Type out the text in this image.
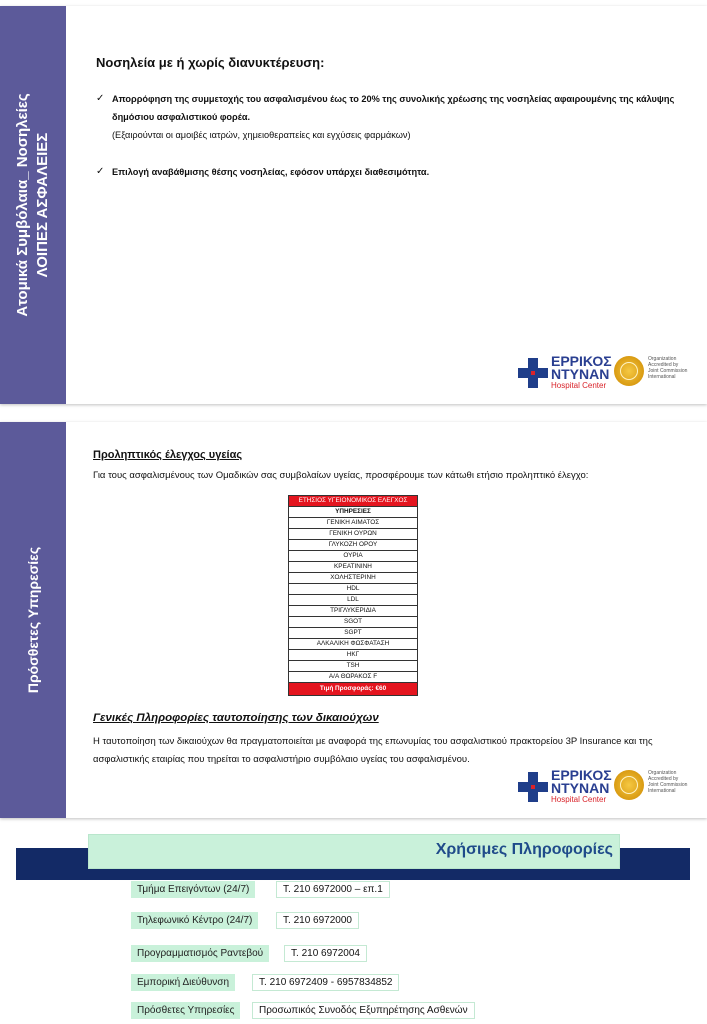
Ατομικά Συμβόλαια_ Νοσηλείες ΛΟΙΠΕΣ ΑΣΦΑΛΕΙΕΣ
Νοσηλεία με ή χωρίς διανυκτέρευση:
✓ Απορρόφηση της συμμετοχής του ασφαλισμένου έως το 20% της συνολικής χρέωσης της νοσηλείας αφαιρουμένης της κάλυψης
δημόσιου ασφαλιστικού φορέα.
(Εξαιρούνται οι αμοιβές ιατρών, χημειοθεραπείες και εγχύσεις φαρμάκων)
✓ Επιλογή αναβάθμισης θέσης νοσηλείας, εφόσον υπάρχει διαθεσιμότητα.
ΕΡΡΙΚΟΣ
ΝΤΥΝΑΝ
Hospital Center
Organization Accredited by Joint Commission International
Πρόσθετες Υπηρεσίες
Προληπτικός έλεγχος υγείας
Για τους ασφαλισμένους των Ομαδικών σας συμβολαίων υγείας, προσφέρουμε των κάτωθι ετήσιο προληπτικό έλεγχο:
ΕΤΗΣΙΟΣ ΥΓΕΙΟΝΟΜΙΚΟΣ ΕΛΕΓΧΟΣ
ΥΠΗΡΕΣΙΕΣ
ΓΕΝΙΚΗ ΑΙΜΑΤΟΣ
ΓΕΝΙΚΗ ΟΥΡΩΝ
ΓΛΥΚΟΖΗ ΟΡΟΥ
ΟΥΡΙΑ
ΚΡΕΑΤΙΝΙΝΗ
ΧΟΛΗΣΤΕΡΙΝΗ
HDL
LDL
ΤΡΙΓΛΥΚΕΡΙΔΙΑ
SGOT
SGPT
ΑΛΚΑΛΙΚΗ ΦΩΣΦΑΤΑΣΗ
ΗΚΓ
TSH
Α/Α ΘΩΡΑΚΟΣ F
Τιμή Προσφοράς: €60
Γενικές Πληροφορίες ταυτοποίησης των δικαιούχων
Η ταυτοποίηση των δικαιούχων θα πραγματοποιείται με αναφορά της επωνυμίας του ασφαλιστικού πρακτορείου 3P Insurance και της
ασφαλιστικής εταιρίας που τηρείται το ασφαλιστήριο συμβόλαιο υγείας του ασφαλισμένου.
ΕΡΡΙΚΟΣ
ΝΤΥΝΑΝ
Hospital Center
Organization Accredited by Joint Commission International
Χρήσιμες Πληροφορίες
Τμήμα Επειγόντων (24/7)	Τ. 210 6972000 – επ.1
Τηλεφωνικό Κέντρο (24/7)	Τ. 210 6972000
Προγραμματισμός Ραντεβού	Τ. 210 6972004
Εμπορική Διεύθυνση	Τ. 210 6972409 - 6957834852
Πρόσθετες Υπηρεσίες	Προσωπικός Συνοδός Εξυπηρέτησης Ασθενών
